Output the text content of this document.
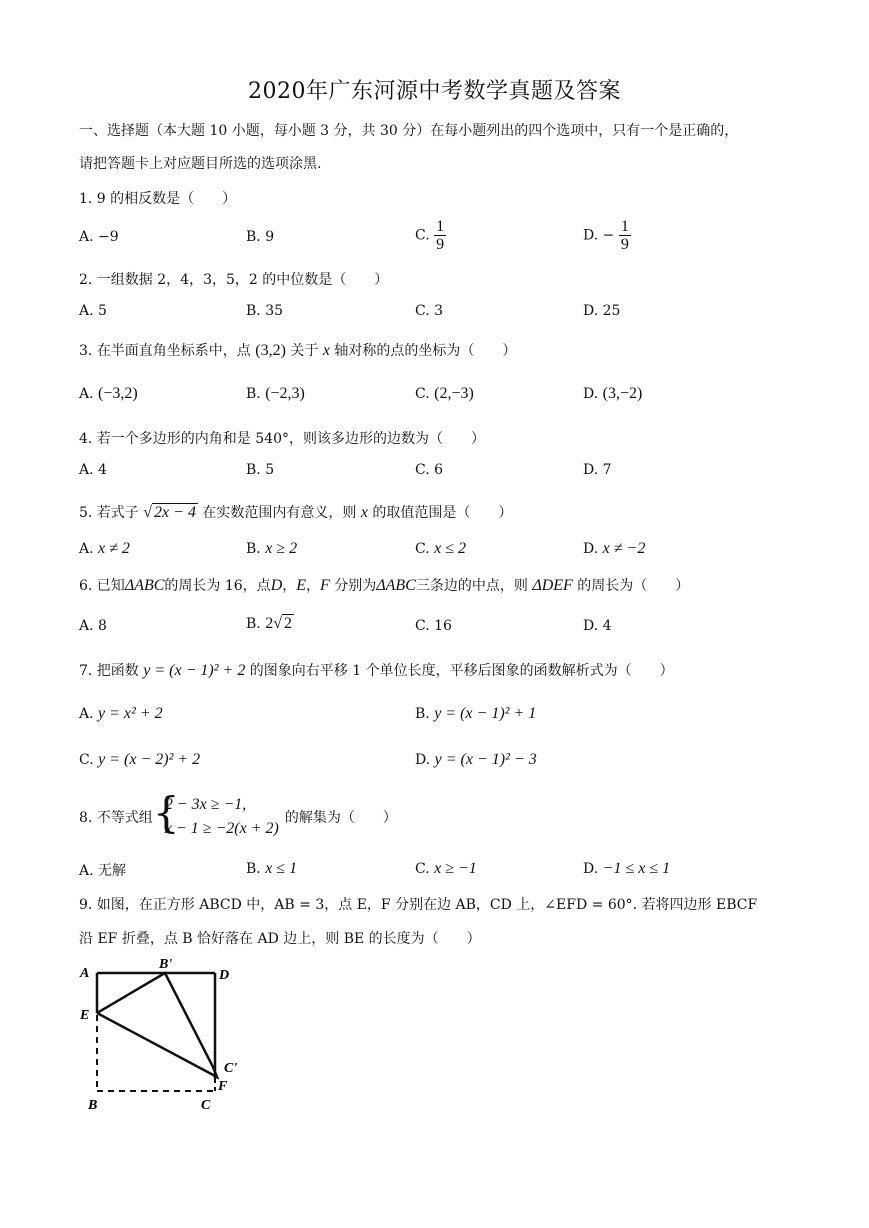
2020年广东河源中考数学真题及答案
一、选择题（本大题 10 小题，每小题 3 分，共 30 分）在每小题列出的四个选项中，只有一个是正确的，
请把答题卡上对应题目所选的选项涂黑.
1. 9 的相反数是（　　）
A. −9	B. 9	C. $\frac{1}{9}$	D. − $\frac{1}{9}$
2. 一组数据 2，4，3，5，2 的中位数是（　　）
A. 5	B. 35	C. 3	D. 25
3. 在半面直角坐标系中，点 (3,2) 关于 x 轴对称的点的坐标为（　　）
A. (−3,2)	B. (−2,3)	C. (2,−3)	D. (3,−2)
4. 若一个多边形的内角和是 540°，则该多边形的边数为（　　）
A. 4	B. 5	C. 6	D. 7
5. 若式子 √ 2x − 4 在实数范围内有意义，则 x 的取值范围是（　　）
A. x ≠ 2	B. x ≥ 2	C. x ≤ 2	D. x ≠ −2
6. 已知ΔABC的周长为 16，点D，E，F 分别为ΔABC三条边的中点，则 ΔDEF 的周长为（　　）
A. 8	B. 2√ 2	C. 16	D. 4
7. 把函数 y = (x − 1)² + 2 的图象向右平移 1 个单位长度，平移后图象的函数解析式为（　　）
A. y = x² + 2	B. y = (x − 1)² + 1
C. y = (x − 2)² + 2	D. y = (x − 1)² − 3
8. 不等式组 {
2 − 3x ≥ −1,
x − 1 ≥ −2(x + 2)
的解集为（　　）
A. 无解	B. x ≤ 1	C. x ≥ −1	D. −1 ≤ x ≤ 1
9. 如图，在正方形 ABCD 中，AB = 3，点 E，F 分别在边 AB，CD 上，∠EFD = 60°. 若将四边形 EBCF
沿 EF 折叠，点 B 恰好落在 AD 边上，则 BE 的长度为（　　）
A
B'
D
E
C'
F
B	C
